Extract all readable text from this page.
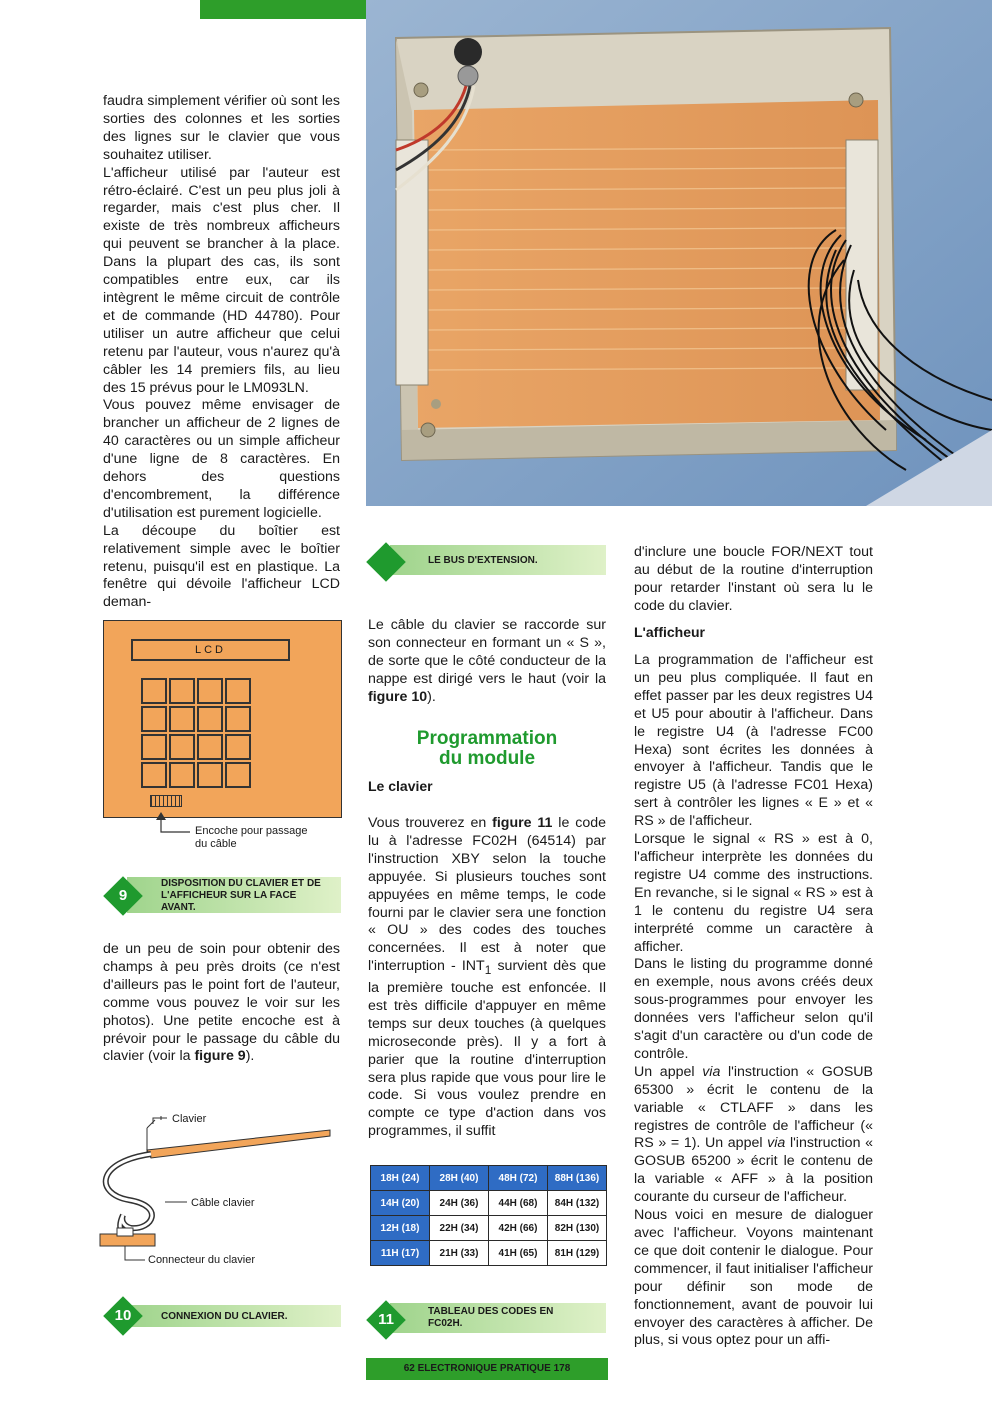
faudra simplement vérifier où sont les sorties des colonnes et les sorties des lignes sur le clavier que vous souhaitez utiliser.

L'afficheur utilisé par l'auteur est rétro-éclairé. C'est un peu plus joli à regarder, mais c'est plus cher. Il existe de très nombreux afficheurs qui peuvent se brancher à la place. Dans la plupart des cas, ils sont compatibles entre eux, car ils intègrent le même circuit de contrôle et de commande (HD 44780). Pour utiliser un autre afficheur que celui retenu par l'auteur, vous n'aurez qu'à câbler les 14 premiers fils, au lieu des 15 prévus pour le LM093LN.

Vous pouvez même envisager de brancher un afficheur de 2 lignes de 40 caractères ou un simple afficheur d'une ligne de 8 caractères. En dehors des questions d'encombrement, la différence d'utilisation est purement logicielle.

La découpe du boîtier est relativement simple avec le boîtier retenu, puisqu'il est en plastique. La fenêtre qui dévoile l'afficheur LCD deman-

LCD
Encoche pour passage
du câble
9
DISPOSITION DU CLAVIER ET DE L'AFFICHEUR SUR LA FACE AVANT.

de un peu de soin pour obtenir des champs à peu près droits (ce n'est d'ailleurs pas le point fort de l'auteur, comme vous pouvez le voir sur les photos). Une petite encoche est à prévoir pour le passage du câble du clavier (voir la figure 9).

Clavier
Câble clavier
Connecteur du clavier
10	CONNEXION DU CLAVIER.
LE BUS D'EXTENSION.

Le câble du clavier se raccorde sur son connecteur en formant un « S », de sorte que le côté conducteur de la nappe est dirigé vers le haut (voir la figure 10).

Programmation
du module
Le clavier

Vous trouverez en figure 11 le code lu à l'adresse FC02H (64514) par l'instruction XBY selon la touche appuyée. Si plusieurs touches sont appuyées en même temps, le code fourni par le clavier sera une fonction « OU » des codes des touches concernées. Il est à noter que l'interruption - $INT_1$ survient dès que la première touche est enfoncée. Il est très difficile d'appuyer en même temps sur deux touches (à quelques microseconde près). Il y a fort à parier que la routine d'interruption sera plus rapide que vous pour lire le code. Si vous voulez prendre en compte ce type d'action dans vos programmes, il suffit

18H (24)	28H (40)	48H (72)	88H (136)
14H (20)	24H (36)	44H (68)	84H (132)
12H (18)	22H (34)	42H (66)	82H (130)
11H (17)	21H (33)	41H (65)	81H (129)
11	TABLEAU DES CODES EN FC02H.

d'inclure une boucle FOR/NEXT tout au début de la routine d'interruption pour retarder l'instant où sera lu le code du clavier.

L'afficheur

La programmation de l'afficheur est un peu plus compliquée. Il faut en effet passer par les deux registres U4 et U5 pour aboutir à l'afficheur. Dans le registre U4 (à l'adresse FC00 Hexa) sont écrites les données à envoyer à l'afficheur. Tandis que le registre U5 (à l'adresse FC01 Hexa) sert à contrôler les lignes « E » et « RS » de l'afficheur.

Lorsque le signal « RS » est à 0, l'afficheur interprète les données du registre U4 comme des instructions. En revanche, si le signal « RS » est à 1 le contenu du registre U4 sera interprété comme un caractère à afficher.

Dans le listing du programme donné en exemple, nous avons créés deux sous-programmes pour envoyer les données vers l'afficheur selon qu'il s'agit d'un caractère ou d'un code de contrôle.

Un appel via l'instruction « GOSUB 65300 » écrit le contenu de la variable « CTLAFF » dans les registres de contrôle de l'afficheur (« RS » = 1). Un appel via l'instruction « GOSUB 65200 » écrit le contenu de la variable « AFF » à la position courante du curseur de l'afficheur.

Nous voici en mesure de dialoguer avec l'afficheur. Voyons maintenant ce que doit contenir le dialogue. Pour commencer, il faut initialiser l'afficheur pour définir son mode de fonctionnement, avant de pouvoir lui envoyer des caractères à afficher. De plus, si vous optez pour un affi-

62 ELECTRONIQUE PRATIQUE 178
